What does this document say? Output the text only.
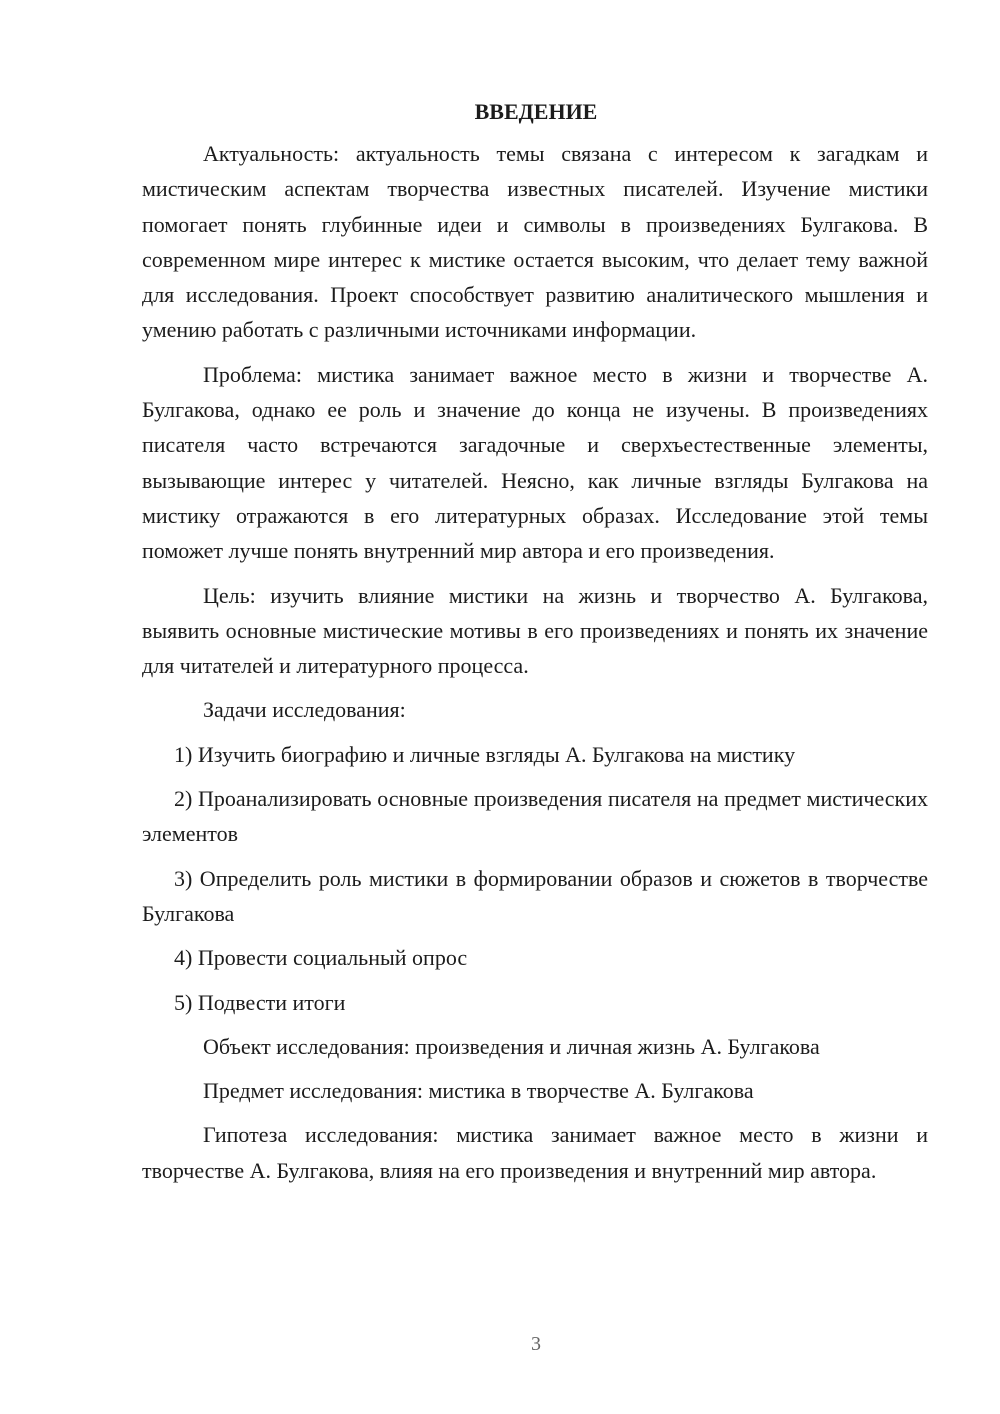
ВВЕДЕНИЕ

Актуальность: актуальность темы связана с интересом к загадкам и мистическим аспектам творчества известных писателей. Изучение мистики помогает понять глубинные идеи и символы в произведениях Булгакова. В современном мире интерес к мистике остается высоким, что делает тему важной для исследования. Проект способствует развитию аналитического мышления и умению работать с различными источниками информации.

Проблема: мистика занимает важное место в жизни и творчестве А. Булгакова, однако ее роль и значение до конца не изучены. В произведениях писателя часто встречаются загадочные и сверхъестественные элементы, вызывающие интерес у читателей. Неясно, как личные взгляды Булгакова на мистику отражаются в его литературных образах. Исследование этой темы поможет лучше понять внутренний мир автора и его произведения.

Цель: изучить влияние мистики на жизнь и творчество А. Булгакова, выявить основные мистические мотивы в его произведениях и понять их значение для читателей и литературного процесса.

Задачи исследования:

1) Изучить биографию и личные взгляды А. Булгакова на мистику

2) Проанализировать основные произведения писателя на предмет мистических элементов

3) Определить роль мистики в формировании образов и сюжетов в творчестве Булгакова

4) Провести социальный опрос

5) Подвести итоги

Объект исследования: произведения и личная жизнь А. Булгакова

Предмет исследования: мистика в творчестве А. Булгакова

Гипотеза исследования: мистика занимает важное место в жизни и творчестве А. Булгакова, влияя на его произведения и внутренний мир автора.

3
